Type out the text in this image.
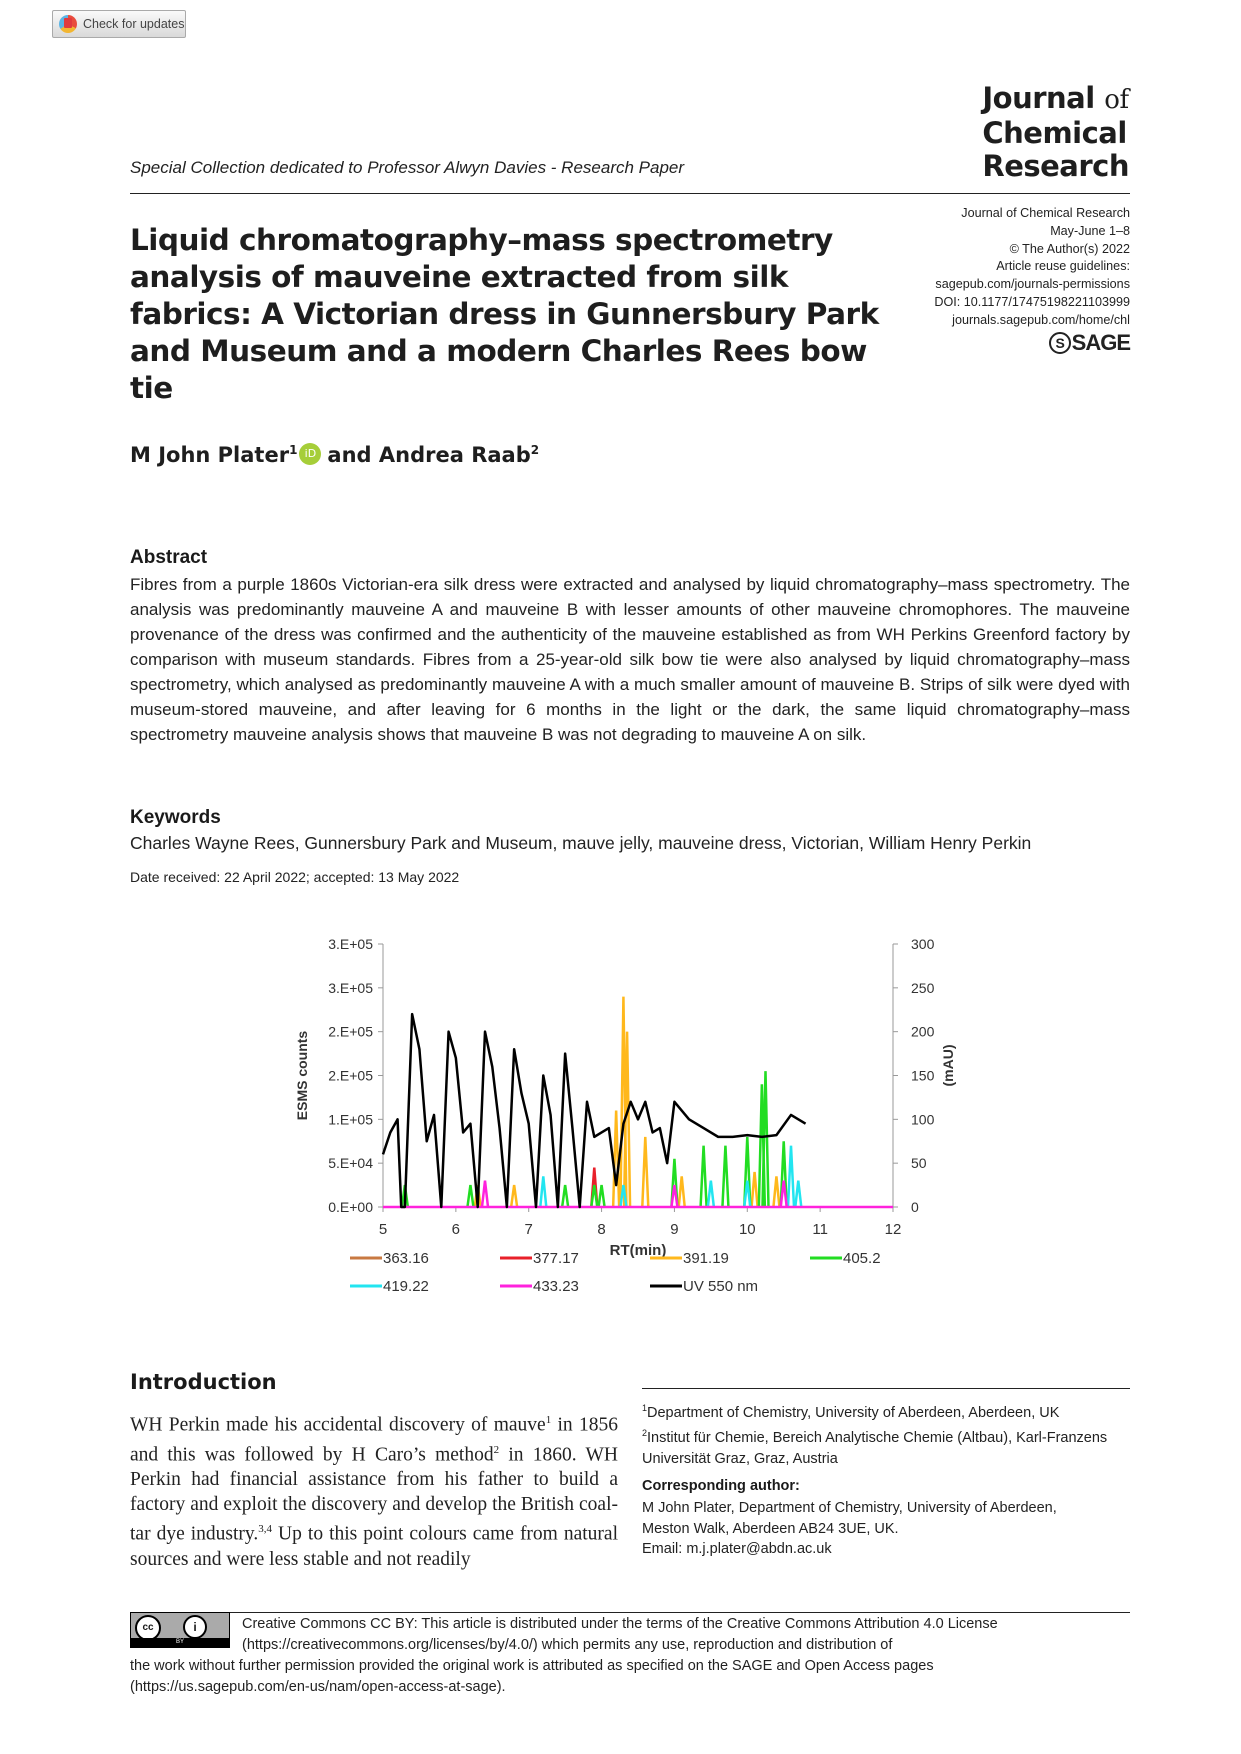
Check for updates
Journal of
Chemical
Research
Special Collection dedicated to Professor Alwyn Davies - Research Paper
Liquid chromatography–mass spectrometry analysis of mauveine extracted from silk fabrics: A Victorian dress in Gunnersbury Park and Museum and a modern Charles Rees bow tie
Journal of Chemical Research
May-June 1–8
© The Author(s) 2022
Article reuse guidelines:
sagepub.com/journals-permissions
DOI: 10.1177/17475198221103999
journals.sagepub.com/home/chl
S SAGE
M John Plater$^1$ iD and
Andrea Raab$^2$
Abstract
Fibres from a purple 1860s Victorian-era silk dress were extracted and analysed by liquid chromatography–mass spectrometry. The analysis was predominantly mauveine A and mauveine B with lesser amounts of other mauveine chromophores. The mauveine provenance of the dress was confirmed and the authenticity of the mauveine established as from WH Perkins Greenford factory by comparison with museum standards. Fibres from a 25-year-old silk bow tie were also analysed by liquid chromatography–mass spectrometry, which analysed as predominantly mauveine A with a much smaller amount of mauveine B. Strips of silk were dyed with museum-stored mauveine, and after leaving for 6 months in the light or the dark, the same liquid chromatography–mass spectrometry mauveine analysis shows that mauveine B was not degrading to mauveine A on silk.
Keywords
Charles Wayne Rees, Gunnersbury Park and Museum, mauve jelly, mauveine dress, Victorian, William Henry Perkin
Date received: 22 April 2022; accepted: 13 May 2022
0.E+00
5.E+04
1.E+05
2.E+05
2.E+05
3.E+05
3.E+05
0
50
100
150
200
250
300
5	6	7	8	9	10	11	12
RT(min)
ESMS counts	(mAU)
363.16	377.17	391.19	405.2
419.22	433.23	UV 550 nm
Introduction
WH Perkin made his accidental discovery of mauve$^1$ in 1856 and this was followed by H Caro’s method$^2$ in 1860. WH Perkin had financial assistance from his father to build a factory and exploit the discovery and develop the British coal-tar dye industry.$^{3,4}$ Up to this point colours came from natural sources and were less stable and not readily
$^1$Department of Chemistry, University of Aberdeen, Aberdeen, UK
$^2$Institut für Chemie, Bereich Analytische Chemie (Altbau), Karl-Franzens Universität Graz, Graz, Austria
Corresponding author:
M John Plater, Department of Chemistry, University of Aberdeen,
Meston Walk, Aberdeen AB24 3UE, UK.
Email: m.j.plater@abdn.ac.uk
cc	i
BY
Creative Commons CC BY: This article is distributed under the terms of the Creative Commons Attribution 4.0 License
(https://creativecommons.org/licenses/by/4.0/) which permits any use, reproduction and distribution of
the work without further permission provided the original work is attributed as specified on the SAGE and Open Access pages
(https://us.sagepub.com/en-us/nam/open-access-at-sage).
